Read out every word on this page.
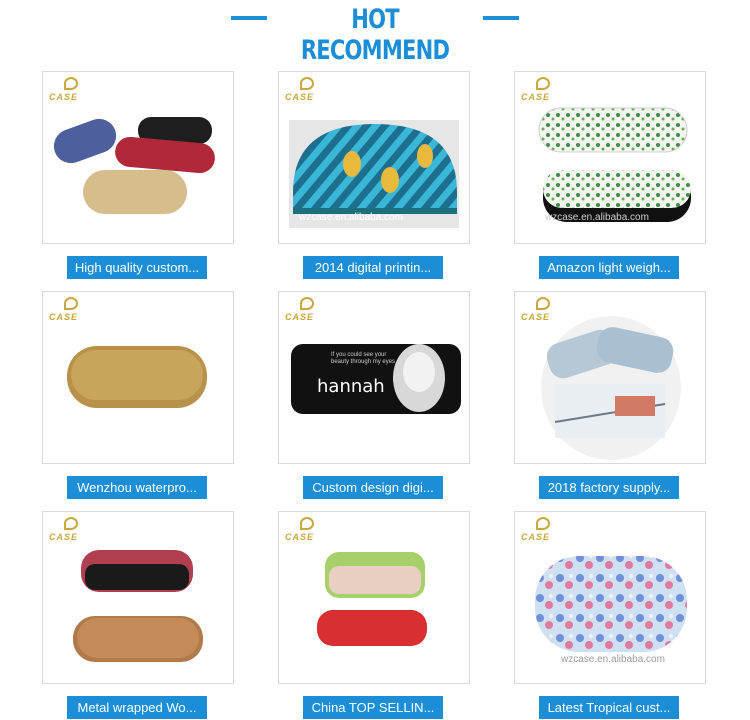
HOT RECOMMEND
CASE
High quality custom...
CASE
wzcase.en.alibaba.com
2014 digital printin...
CASE
wzcase.en.alibaba.com
Amazon light weigh...
CASE
Wenzhou waterpro...
CASE
If you could see your beauty through my eyes
hannah
Custom design digi...
CASE
2018 factory supply...
CASE
Metal wrapped Wo...
CASE
China TOP SELLIN...
CASE
wzcase.en.alibaba.com
Latest Tropical cust...
